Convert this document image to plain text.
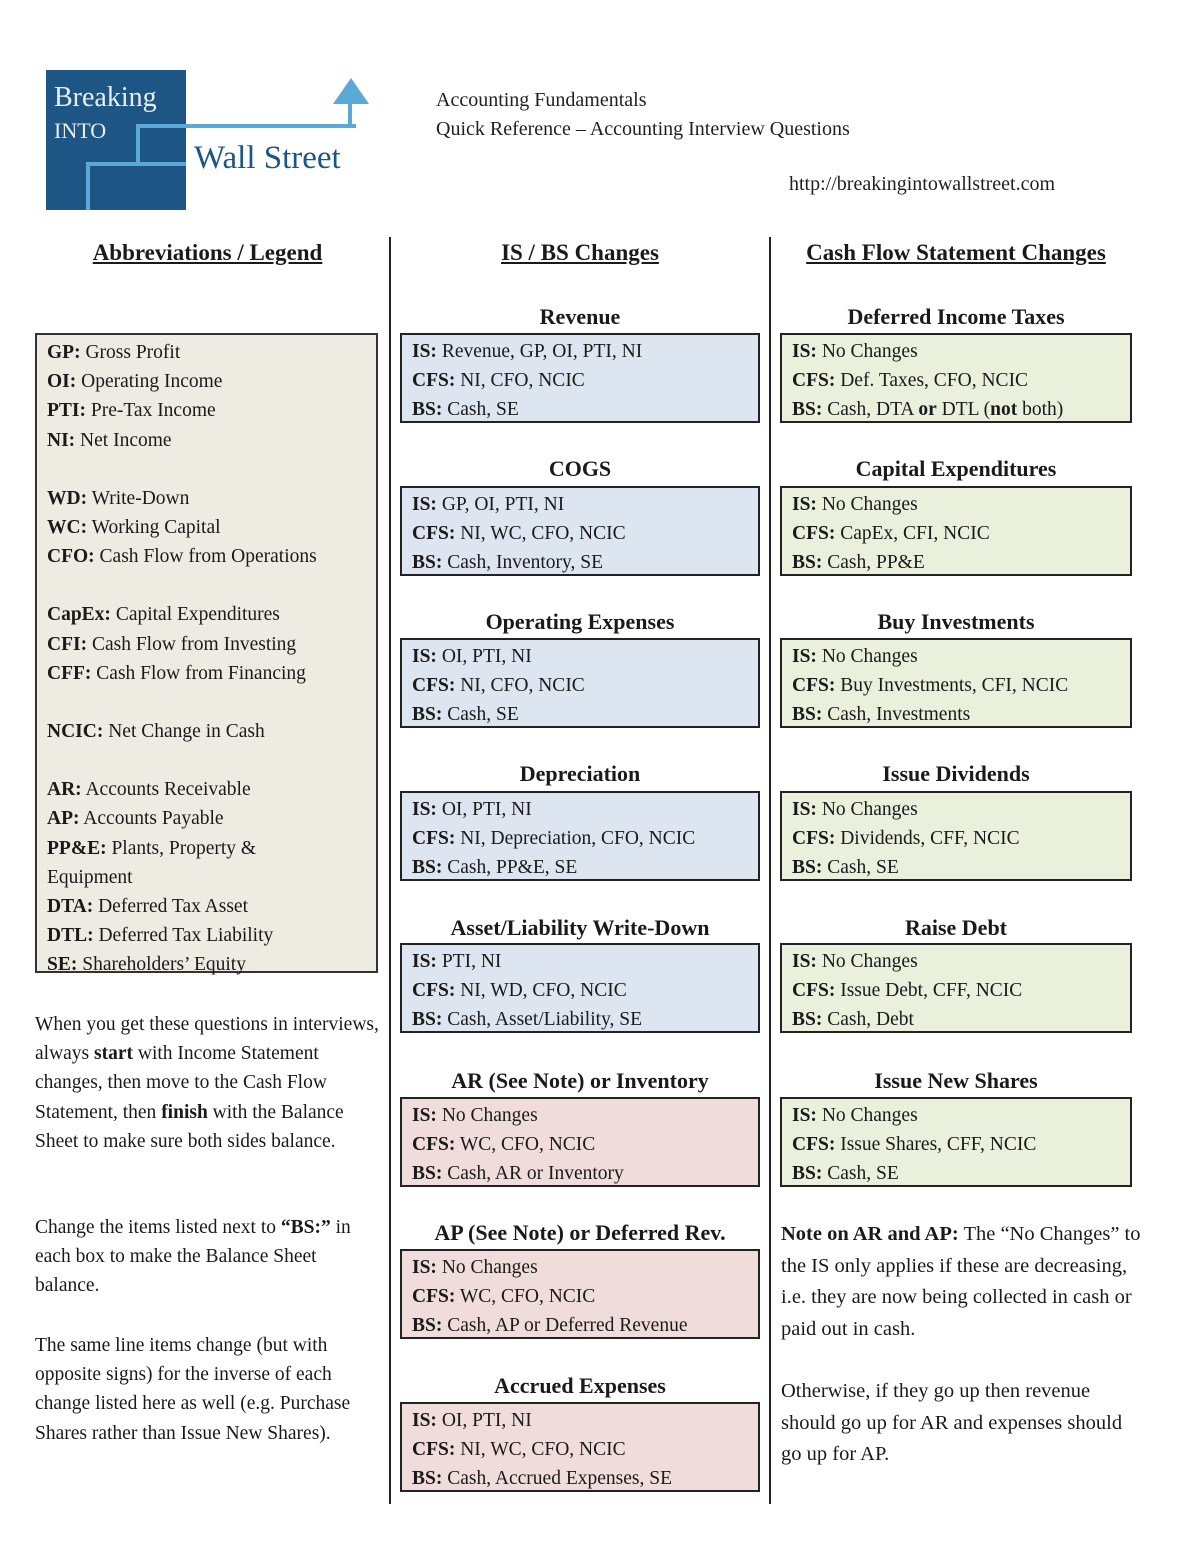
Breaking
INTO
Wall Street
Accounting Fundamentals
Quick Reference – Accounting Interview Questions
http://breakingintowallstreet.com
Abbreviations / Legend	IS / BS Changes	Cash Flow Statement Changes
GP: Gross Profit
OI: Operating Income
PTI: Pre-Tax Income
NI: Net Income
WD: Write-Down
WC: Working Capital
CFO: Cash Flow from Operations
CapEx: Capital Expenditures
CFI: Cash Flow from Investing
CFF: Cash Flow from Financing
NCIC: Net Change in Cash
AR: Accounts Receivable
AP: Accounts Payable
PP&E: Plants, Property &
Equipment
DTA: Deferred Tax Asset
DTL: Deferred Tax Liability
SE: Shareholders’ Equity
When you get these questions in interviews, always start with Income Statement changes, then move to the Cash Flow Statement, then finish with the Balance Sheet to make sure both sides balance.
Change the items listed next to “BS:” in each box to make the Balance Sheet balance.
The same line items change (but with opposite signs) for the inverse of each change listed here as well (e.g. Purchase Shares rather than Issue New Shares).
Revenue
IS: Revenue, GP, OI, PTI, NI
CFS: NI, CFO, NCIC
BS: Cash, SE
COGS
IS: GP, OI, PTI, NI
CFS: NI, WC, CFO, NCIC
BS: Cash, Inventory, SE
Operating Expenses
IS: OI, PTI, NI
CFS: NI, CFO, NCIC
BS: Cash, SE
Depreciation
IS: OI, PTI, NI
CFS: NI, Depreciation, CFO, NCIC
BS: Cash, PP&E, SE
Asset/Liability Write-Down
IS: PTI, NI
CFS: NI, WD, CFO, NCIC
BS: Cash, Asset/Liability, SE
AR (See Note) or Inventory
IS: No Changes
CFS: WC, CFO, NCIC
BS: Cash, AR or Inventory
AP (See Note) or Deferred Rev.
IS: No Changes
CFS: WC, CFO, NCIC
BS: Cash, AP or Deferred Revenue
Accrued Expenses
IS: OI, PTI, NI
CFS: NI, WC, CFO, NCIC
BS: Cash, Accrued Expenses, SE
Deferred Income Taxes
IS: No Changes
CFS: Def. Taxes, CFO, NCIC
BS: Cash, DTA or DTL (not both)
Capital Expenditures
IS: No Changes
CFS: CapEx, CFI, NCIC
BS: Cash, PP&E
Buy Investments
IS: No Changes
CFS: Buy Investments, CFI, NCIC
BS: Cash, Investments
Issue Dividends
IS: No Changes
CFS: Dividends, CFF, NCIC
BS: Cash, SE
Raise Debt
IS: No Changes
CFS: Issue Debt, CFF, NCIC
BS: Cash, Debt
Issue New Shares
IS: No Changes
CFS: Issue Shares, CFF, NCIC
BS: Cash, SE
Note on AR and AP: The “No Changes” to the IS only applies if these are decreasing, i.e. they are now being collected in cash or paid out in cash.
Otherwise, if they go up then revenue should go up for AR and expenses should go up for AP.
